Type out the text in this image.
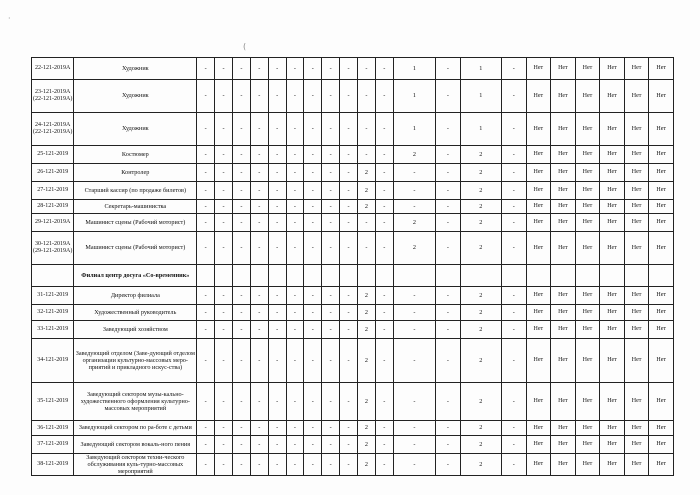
·
(
22-121-2019А	Художник	-	-	-	-	-	-	-	-	-	-	-	1	-	1	-	Нет	Нет	Нет	Нет	Нет	Нет
23-121-2019А (22-121-2019А)	Художник	-	-	-	-	-	-	-	-	-	-	-	1	-	1	-	Нет	Нет	Нет	Нет	Нет	Нет
24-121-2019А (22-121-2019А)	Художник	-	-	-	-	-	-	-	-	-	-	-	1	-	1	-	Нет	Нет	Нет	Нет	Нет	Нет
25-121-2019	Костюмер	-	-	-	-	-	-	-	-	-	-	-	2	-	2	-	Нет	Нет	Нет	Нет	Нет	Нет
26-121-2019	Контролер	-	-	-	-	-	-	-	-	-	2	-	-	-	2	-	Нет	Нет	Нет	Нет	Нет	Нет
27-121-2019	Старший кассир (по продаже билетов)	-	-	-	-	-	-	-	-	-	2	-	-	-	2	-	Нет	Нет	Нет	Нет	Нет	Нет
28-121-2019	Секретарь-машинистка	-	-	-	-	-	-	-	-	-	2	-	-	-	2	-	Нет	Нет	Нет	Нет	Нет	Нет
29-121-2019А	Машинист сцены (Рабочий моторист)	-	-	-	-	-	-	-	-	-	-	-	2	-	2	-	Нет	Нет	Нет	Нет	Нет	Нет
30-121-2019А (29-121-2019А)	Машинист сцены (Рабочий моторист)	-	-	-	-	-	-	-	-	-	-	-	2	-	2	-	Нет	Нет	Нет	Нет	Нет	Нет
	Филиал центр досуга «Со-временник»																					
31-121-2019	Директор филиала	-	-	-	-	-	-	-	-	-	2	-	-	-	2	-	Нет	Нет	Нет	Нет	Нет	Нет
32-121-2019	Художественный руководитель	-	-	-	-	-	-	-	-	-	2	-	-	-	2	-	Нет	Нет	Нет	Нет	Нет	Нет
33-121-2019	Заведующий хозяйством	-	-	-	-	-	-	-	-	-	2	-	-	-	2	-	Нет	Нет	Нет	Нет	Нет	Нет
34-121-2019	Заведующий отделом (Заве-дующий отделом организации культурно-массовых меро-приятий и прикладного искус-ства)	-	-	-	-	-	-	-	-	-	2	-	-	-	2	-	Нет	Нет	Нет	Нет	Нет	Нет
35-121-2019	Заведующий сектором музы-кально-художественного оформления культурно-массовых мероприятий	-	-	-	-	-	-	-	-	-	2	-	-	-	2	-	Нет	Нет	Нет	Нет	Нет	Нет
36-121-2019	Заведующий сектором по ра-боте с детьми	-	-	-	-	-	-	-	-	-	2	-	-	-	2	-	Нет	Нет	Нет	Нет	Нет	Нет
37-121-2019	Заведующий сектором вокаль-ного пения	-	-	-	-	-	-	-	-	-	2	-	-	-	2	-	Нет	Нет	Нет	Нет	Нет	Нет
38-121-2019	Заведующий сектором техни-ческого обслуживания куль-турно-массовых мероприятий	-	-	-	-	-	-	-	-	-	2	-	-	-	2	-	Нет	Нет	Нет	Нет	Нет	Нет
